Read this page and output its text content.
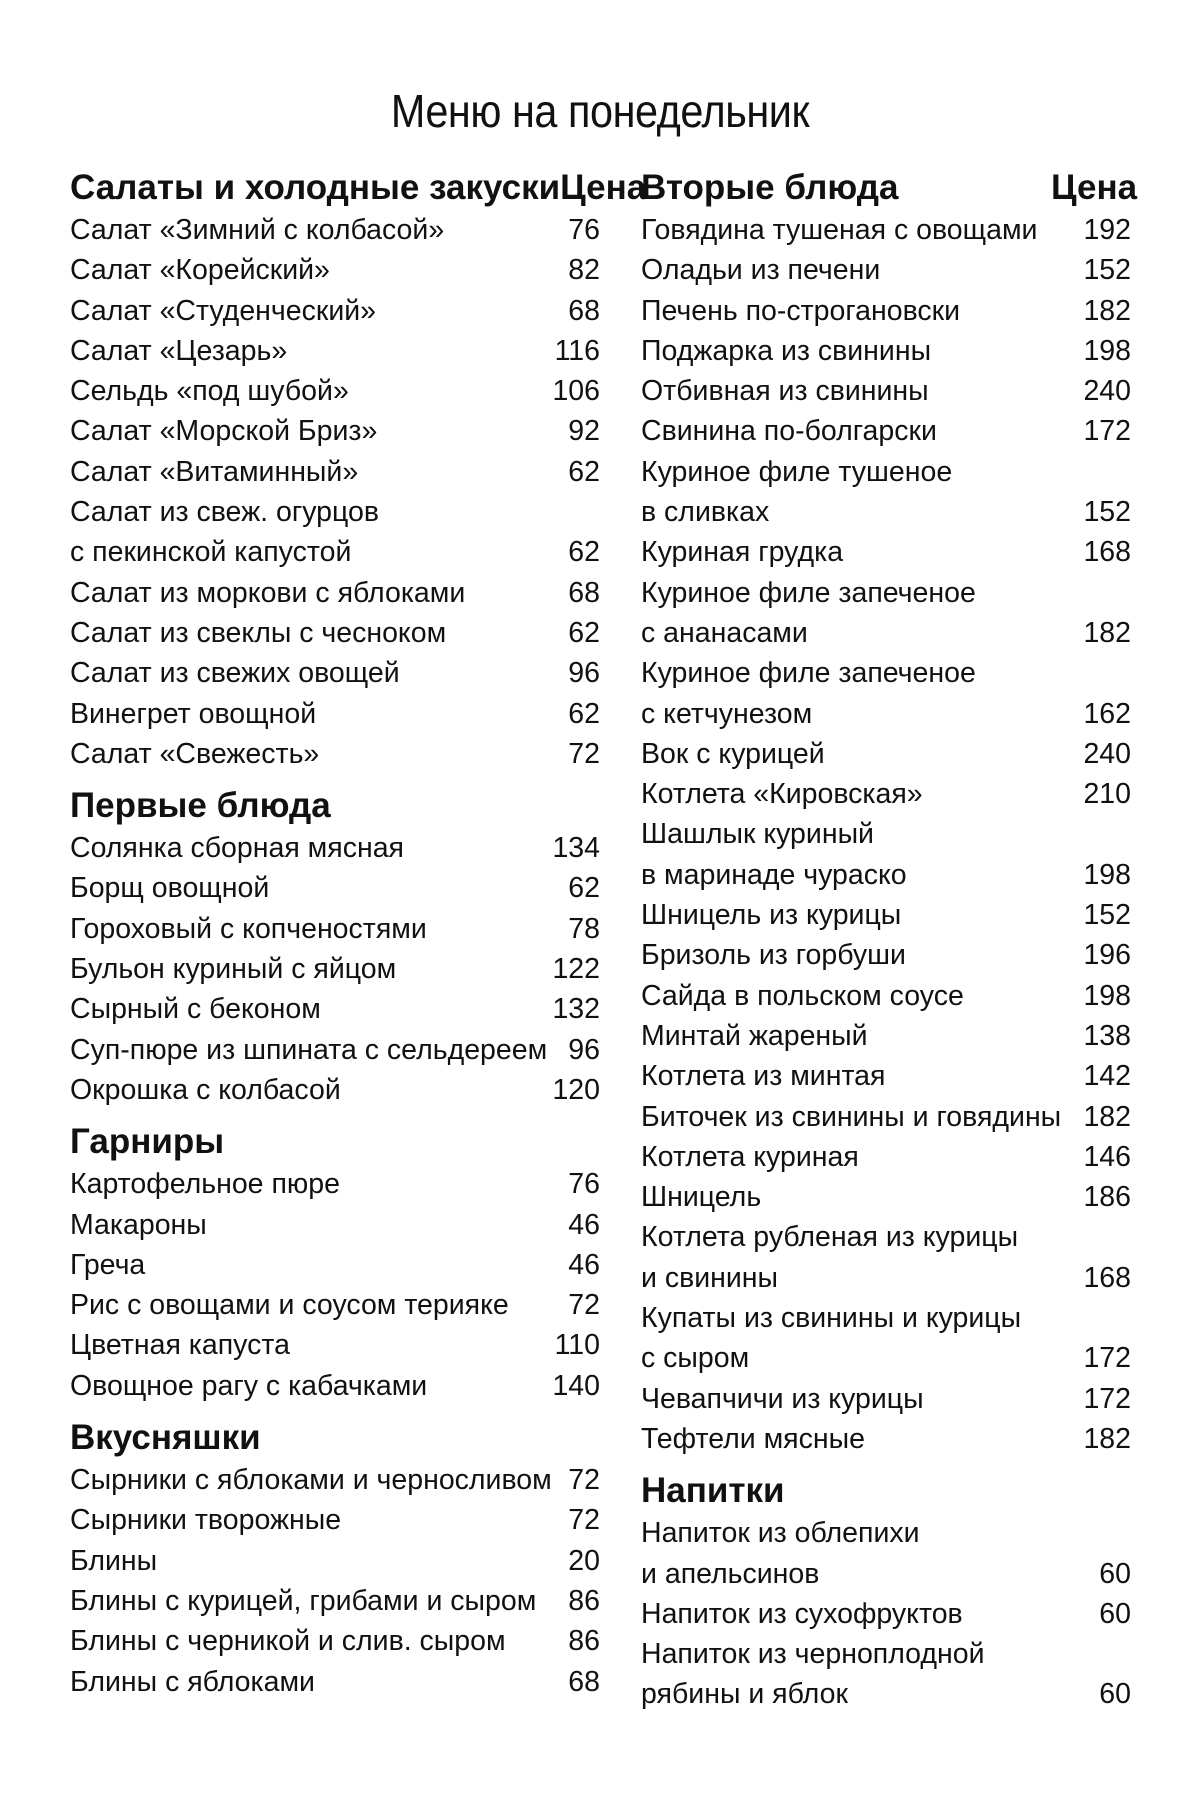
Меню на понедельник
Салаты и холодные закуски Цена
Салат «Зимний с колбасой»	76
Салат «Корейский»	82
Салат «Студенческий»	68
Салат «Цезарь»	116
Сельдь «под шубой»	106
Салат «Морской Бриз»	92
Салат «Витаминный»	62
Салат из свеж. огурцов
с пекинской капустой	62
Салат из моркови с яблоками	68
Салат из свеклы с чесноком	62
Салат из свежих овощей	96
Винегрет овощной	62
Салат «Свежесть»	72
Первые блюда
Солянка сборная мясная	134
Борщ овощной	62
Гороховый с копченостями	78
Бульон куриный с яйцом	122
Сырный с беконом	132
Суп-пюре из шпината с сельдереем 96
Окрошка с колбасой	120
Гарниры
Картофельное пюре	76
Макароны	46
Греча	46
Рис с овощами и соусом терияке	72
Цветная капуста	110
Овощное рагу с кабачками	140
Вкусняшки
Сырники с яблоками и черносливом 72
Сырники творожные	72
Блины	20
Блины с курицей, грибами и сыром	86
Блины с черникой и слив. сыром	86
Блины с яблоками	68
Вторые блюда	Цена
Говядина тушеная с овощами	192
Оладьи из печени	152
Печень по-строгановски	182
Поджарка из свинины	198
Отбивная из свинины	240
Свинина по-болгарски	172
Куриное филе тушеное
в сливках	152
Куриная грудка	168
Куриное филе запеченое
с ананасами	182
Куриное филе запеченое
с кетчунезом	162
Вок с курицей	240
Котлета «Кировская»	210
Шашлык куриный
в маринаде чураско	198
Шницель из курицы	152
Бризоль из горбуши	196
Сайда в польском соусе	198
Минтай жареный	138
Котлета из минтая	142
Биточек из свинины и говядины 182
Котлета куриная	146
Шницель	186
Котлета рубленая из курицы
и свинины	168
Купаты из свинины и курицы
с сыром	172
Чевапчичи из курицы	172
Тефтели мясные	182
Напитки
Напиток из облепихи
и апельсинов	60
Напиток из сухофруктов	60
Напиток из черноплодной
рябины и яблок	60
